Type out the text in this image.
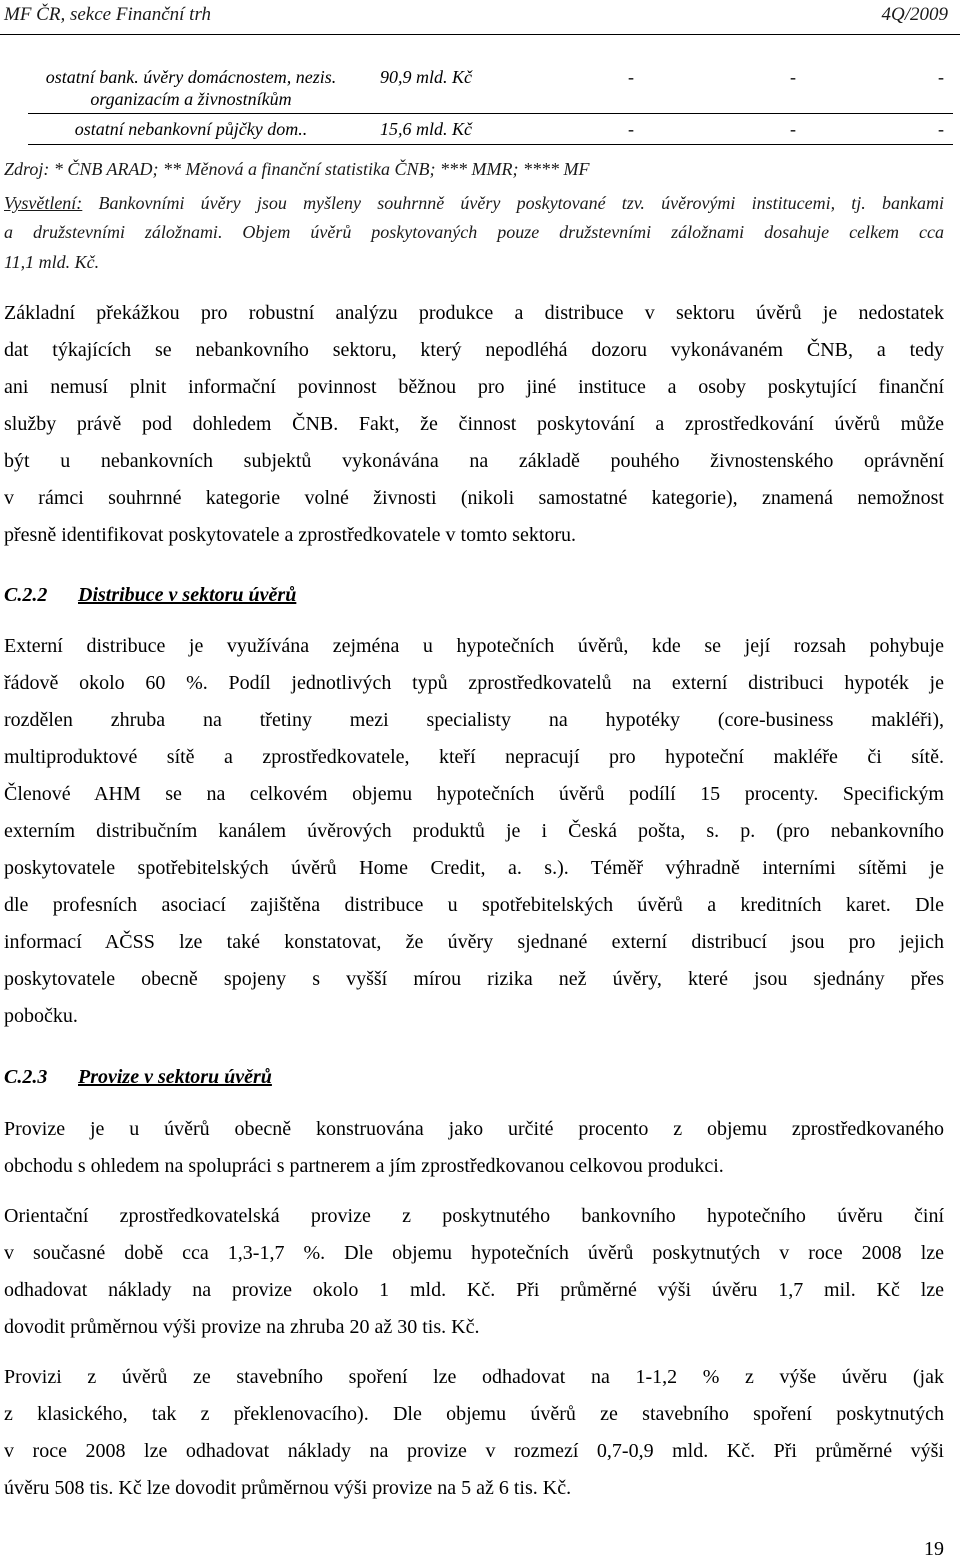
MF ČR, sekce Finanční trh	4Q/2009
ostatní bank. úvěry domácnostem, nezis. organizacím a živnostníkům
90,9 mld. Kč	-	-	-
ostatní nebankovní půjčky dom..	15,6 mld. Kč	-	-	-
Zdroj: * ČNB ARAD; ** Měnová a finanční statistika ČNB; *** MMR; **** MF
Vysvětlení: Bankovními úvěry jsou myšleny souhrnně úvěry poskytované tzv. úvěrovými institucemi, tj. bankami
a družstevními záložnami. Objem úvěrů poskytovaných pouze družstevními záložnami dosahuje celkem cca
11,1 mld. Kč.
Základní překážkou pro robustní analýzu produkce a distribuce v sektoru úvěrů je nedostatek
dat týkajících se nebankovního sektoru, který nepodléhá dozoru vykonávaném ČNB, a tedy
ani nemusí plnit informační povinnost běžnou pro jiné instituce a osoby poskytující finanční
služby právě pod dohledem ČNB. Fakt, že činnost poskytování a zprostředkování úvěrů může
být u nebankovních subjektů vykonávána na základě pouhého živnostenského oprávnění
v rámci souhrnné kategorie volné živnosti (nikoli samostatné kategorie), znamená nemožnost
přesně identifikovat poskytovatele a zprostředkovatele v tomto sektoru.
C.2.2 Distribuce v sektoru úvěrů
Externí distribuce je využívána zejména u hypotečních úvěrů, kde se její rozsah pohybuje
řádově okolo 60 %. Podíl jednotlivých typů zprostředkovatelů na externí distribuci hypoték je
rozdělen zhruba na třetiny mezi specialisty na hypotéky (core-business makléři),
multiproduktové sítě a zprostředkovatele, kteří nepracují pro hypoteční makléře či sítě.
Členové AHM se na celkovém objemu hypotečních úvěrů podílí 15 procenty. Specifickým
externím distribučním kanálem úvěrových produktů je i Česká pošta, s. p. (pro nebankovního
poskytovatele spotřebitelských úvěrů Home Credit, a. s.). Téměř výhradně interními sítěmi je
dle profesních asociací zajištěna distribuce u spotřebitelských úvěrů a kreditních karet. Dle
informací AČSS lze také konstatovat, že úvěry sjednané externí distribucí jsou pro jejich
poskytovatele obecně spojeny s vyšší mírou rizika než úvěry, které jsou sjednány přes
pobočku.
C.2.3 Provize v sektoru úvěrů
Provize je u úvěrů obecně konstruována jako určité procento z objemu zprostředkovaného
obchodu s ohledem na spolupráci s partnerem a jím zprostředkovanou celkovou produkci.
Orientační zprostředkovatelská provize z poskytnutého bankovního hypotečního úvěru činí
v současné době cca 1,3-1,7 %. Dle objemu hypotečních úvěrů poskytnutých v roce 2008 lze
odhadovat náklady na provize okolo 1 mld. Kč. Při průměrné výši úvěru 1,7 mil. Kč lze
dovodit průměrnou výši provize na zhruba 20 až 30 tis. Kč.
Provizi z úvěrů ze stavebního spoření lze odhadovat na 1-1,2 % z výše úvěru (jak
z klasického, tak z překlenovacího). Dle objemu úvěrů ze stavebního spoření poskytnutých
v roce 2008 lze odhadovat náklady na provize v rozmezí 0,7-0,9 mld. Kč. Při průměrné výši
úvěru 508 tis. Kč lze dovodit průměrnou výši provize na 5 až 6 tis. Kč.
19
